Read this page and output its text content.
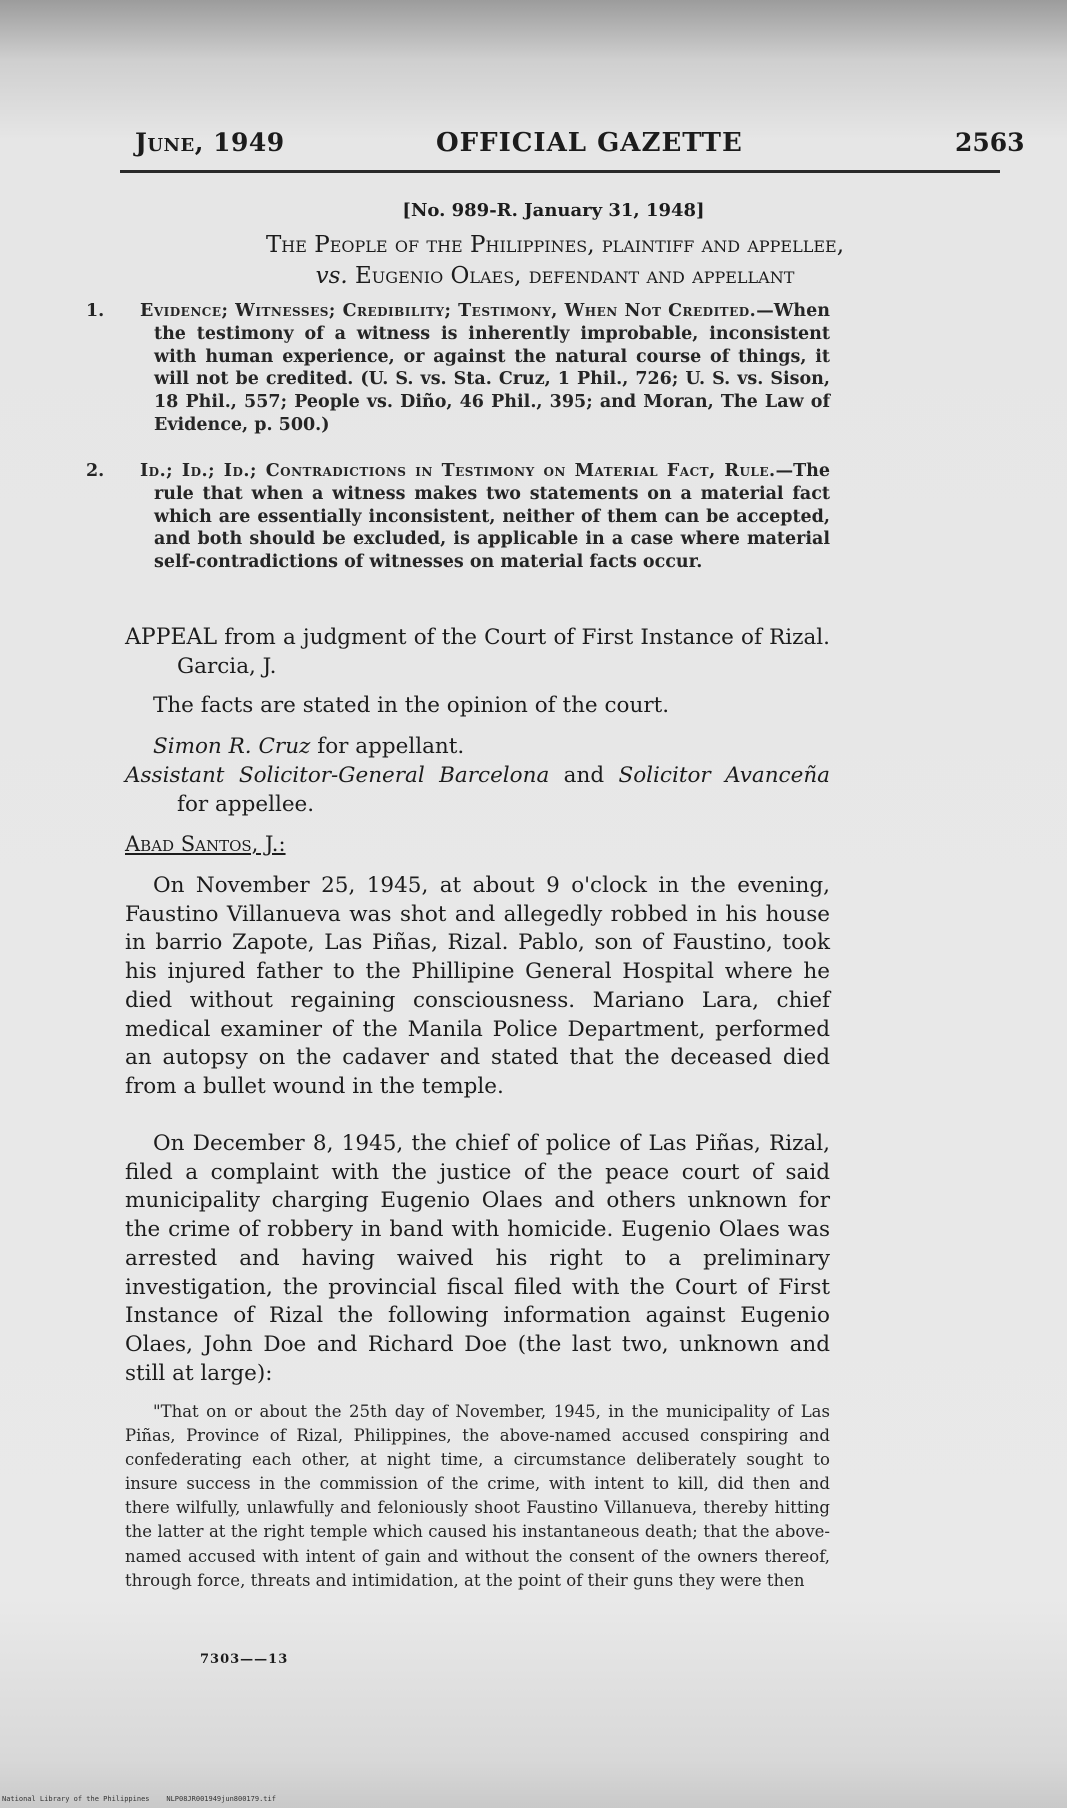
June, 1949	OFFICIAL GAZETTE	2563
[No. 989-R. January 31, 1948]
The People of the Philippines, plaintiff and appellee,
vs. Eugenio Olaes, defendant and appellant
1. Evidence; Witnesses; Credibility; Testimony, When Not Credited.—When the testimony of a witness is inherently improbable, inconsistent with human experience, or against the natural course of things, it will not be credited. (U. S. vs. Sta. Cruz, 1 Phil., 726; U. S. vs. Sison, 18 Phil., 557; People vs. Diño, 46 Phil., 395; and Moran, The Law of Evidence, p. 500.)
2. Id.; Id.; Id.; Contradictions in Testimony on Material Fact, Rule.—The rule that when a witness makes two statements on a material fact which are essentially inconsistent, neither of them can be accepted, and both should be excluded, is applicable in a case where material self-contradictions of witnesses on material facts occur.
APPEAL from a judgment of the Court of First Instance of Rizal. Garcia, J.
The facts are stated in the opinion of the court.
Simon R. Cruz for appellant.
Assistant Solicitor-General Barcelona and Solicitor Avanceña for appellee.
Abad Santos, J.:
On November 25, 1945, at about 9 o'clock in the evening, Faustino Villanueva was shot and allegedly robbed in his house in barrio Zapote, Las Piñas, Rizal. Pablo, son of Faustino, took his injured father to the Phillipine General Hospital where he died without regaining consciousness. Mariano Lara, chief medical examiner of the Manila Police Department, performed an autopsy on the cadaver and stated that the deceased died from a bullet wound in the temple.
On December 8, 1945, the chief of police of Las Piñas, Rizal, filed a complaint with the justice of the peace court of said municipality charging Eugenio Olaes and others unknown for the crime of robbery in band with homicide. Eugenio Olaes was arrested and having waived his right to a preliminary investigation, the provincial fiscal filed with the Court of First Instance of Rizal the following information against Eugenio Olaes, John Doe and Richard Doe (the last two, unknown and still at large):
"That on or about the 25th day of November, 1945, in the municipality of Las Piñas, Province of Rizal, Philippines, the above-named accused conspiring and confederating each other, at night time, a circumstance deliberately sought to insure success in the commission of the crime, with intent to kill, did then and there wilfully, unlawfully and feloniously shoot Faustino Villanueva, thereby hitting the latter at the right temple which caused his instantaneous death; that the above-named accused with intent of gain and without the consent of the owners thereof, through force, threats and intimidation, at the point of their guns they were then
7303——13
National Library of the Philippines    NLP08JR001949jun800179.tif
